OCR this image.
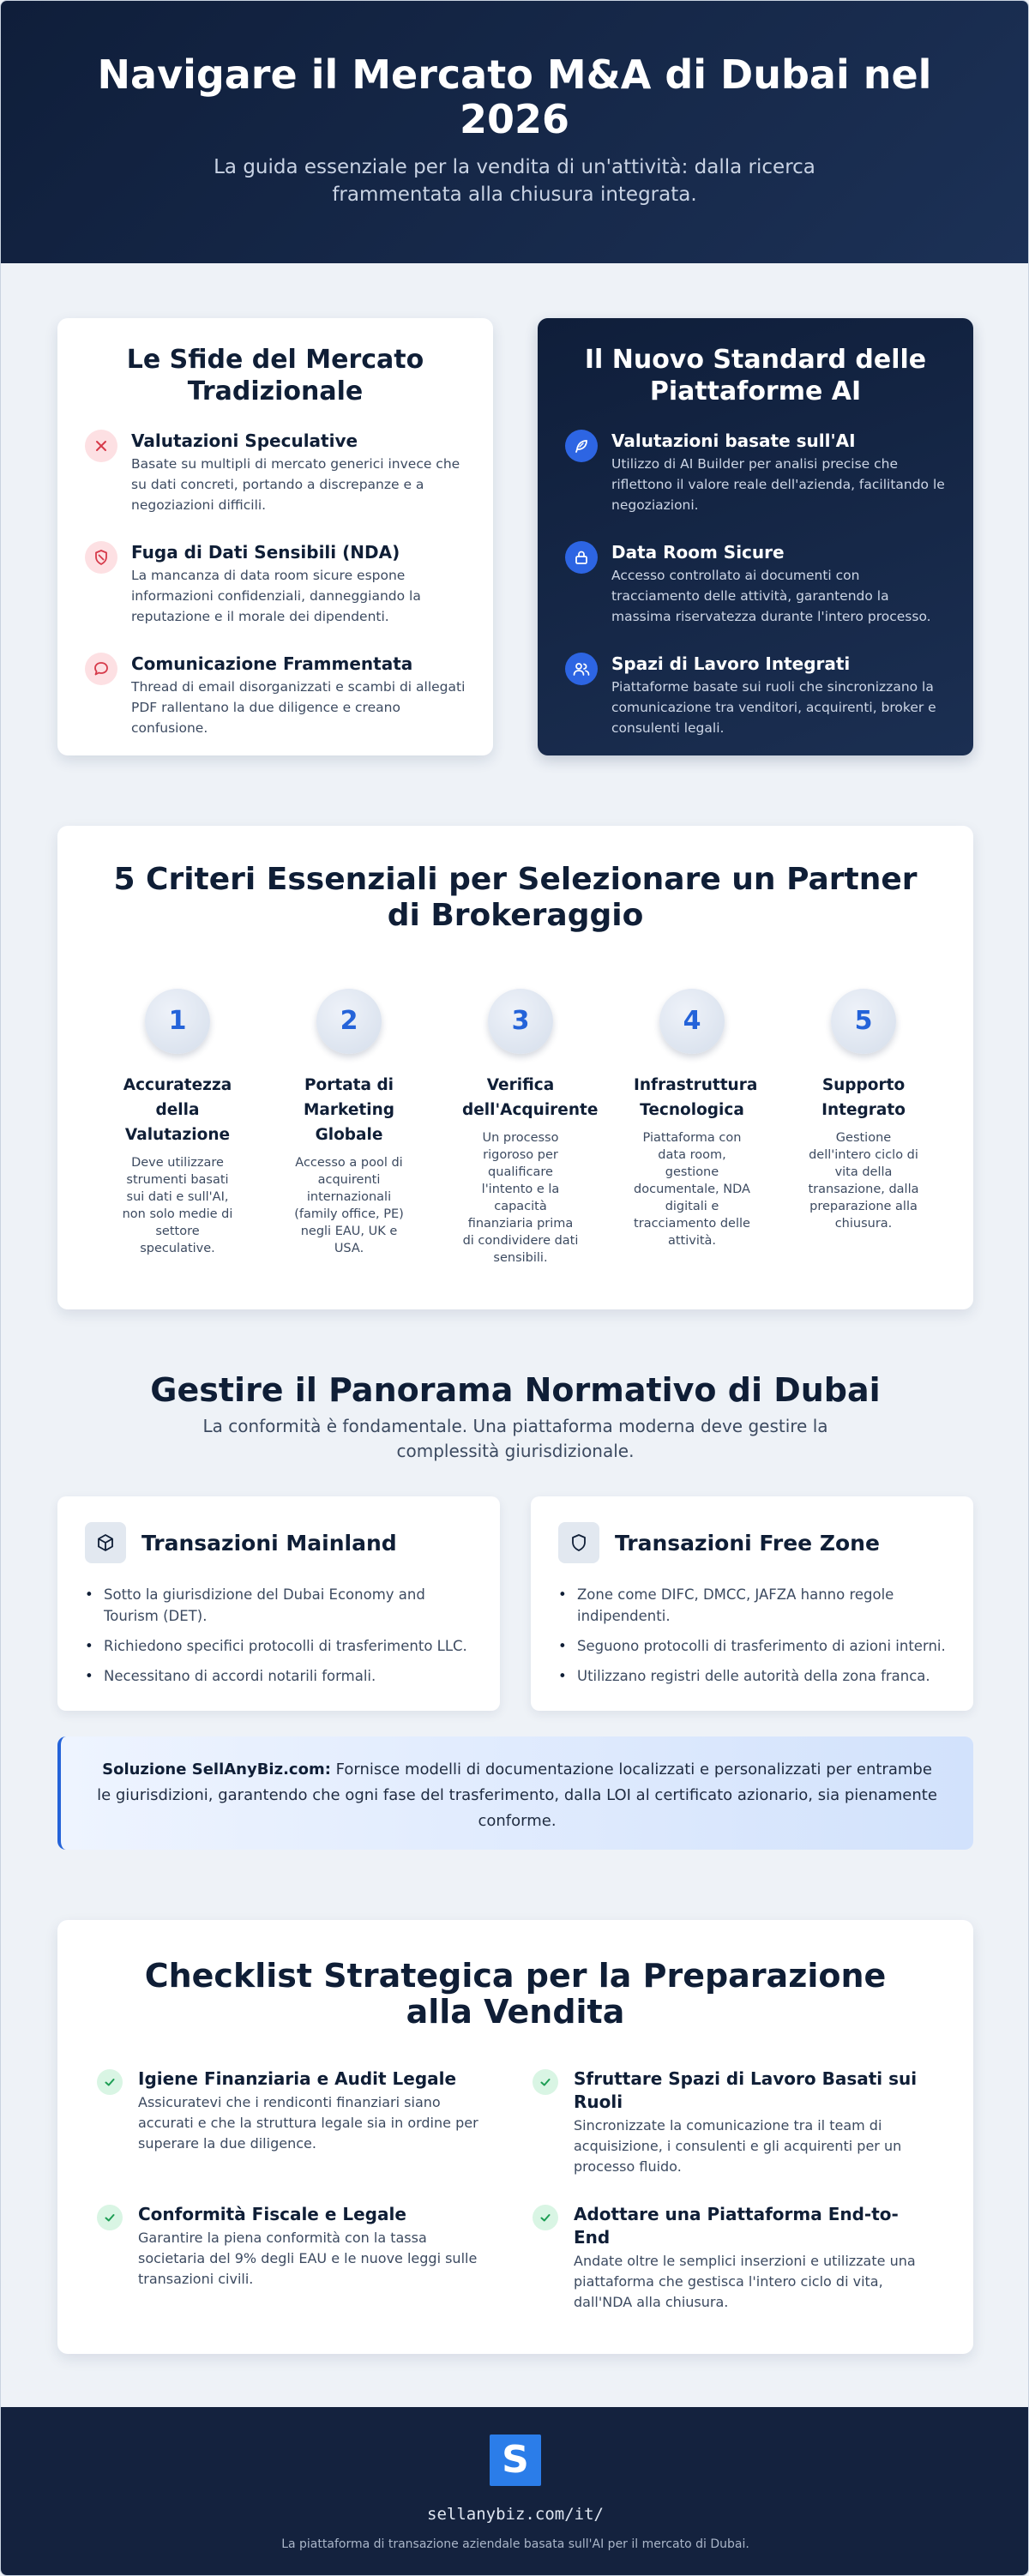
Navigare il Mercato M&A di Dubai nel 2026

La guida essenziale per la vendita di un'attività: dalla ricerca frammentata alla chiusura integrata.

Le Sfide del Mercato Tradizionale
Valutazioni Speculative

Basate su multipli di mercato generici invece che su dati concreti, portando a discrepanze e a negoziazioni difficili.

Fuga di Dati Sensibili (NDA)

La mancanza di data room sicure espone informazioni confidenziali, danneggiando la reputazione e il morale dei dipendenti.

Comunicazione Frammentata

Thread di email disorganizzati e scambi di allegati PDF rallentano la due diligence e creano confusione.

Il Nuovo Standard delle Piattaforme AI
Valutazioni basate sull'AI

Utilizzo di AI Builder per analisi precise che riflettono il valore reale dell'azienda, facilitando le negoziazioni.

Data Room Sicure

Accesso controllato ai documenti con tracciamento delle attività, garantendo la massima riservatezza durante l'intero processo.

Spazi di Lavoro Integrati

Piattaforme basate sui ruoli che sincronizzano la comunicazione tra venditori, acquirenti, broker e consulenti legali.

5 Criteri Essenziali per Selezionare un Partner di Brokeraggio
1
Accuratezza della Valutazione

Deve utilizzare strumenti basati sui dati e sull'AI, non solo medie di settore speculative.

2
Portata di Marketing Globale

Accesso a pool di acquirenti internazionali (family office, PE) negli EAU, UK e USA.

3
Verifica dell'Acquirente

Un processo rigoroso per qualificare l'intento e la capacità finanziaria prima di condividere dati sensibili.

4
Infrastruttura Tecnologica

Piattaforma con data room, gestione documentale, NDA digitali e tracciamento delle attività.

5
Supporto Integrato

Gestione dell'intero ciclo di vita della transazione, dalla preparazione alla chiusura.

Gestire il Panorama Normativo di Dubai

La conformità è fondamentale. Una piattaforma moderna deve gestire la complessità giurisdizionale.

Transazioni Mainland
• Sotto la giurisdizione del Dubai Economy and Tourism (DET).
• Richiedono specifici protocolli di trasferimento LLC.
• Necessitano di accordi notarili formali.
Transazioni Free Zone
• Zone come DIFC, DMCC, JAFZA hanno regole indipendenti.
• Seguono protocolli di trasferimento di azioni interni.
• Utilizzano registri delle autorità della zona franca.
Soluzione SellAnyBiz.com: Fornisce modelli di documentazione localizzati e personalizzati per entrambe le giurisdizioni, garantendo che ogni fase del trasferimento, dalla LOI al certificato azionario, sia pienamente conforme.
Checklist Strategica per la Preparazione alla Vendita
Igiene Finanziaria e Audit Legale

Assicuratevi che i rendiconti finanziari siano accurati e che la struttura legale sia in ordine per superare la due diligence.

Sfruttare Spazi di Lavoro Basati sui Ruoli

Sincronizzate la comunicazione tra il team di acquisizione, i consulenti e gli acquirenti per un processo fluido.

Conformità Fiscale e Legale

Garantire la piena conformità con la tassa societaria del 9% degli EAU e le nuove leggi sulle transazioni civili.

Adottare una Piattaforma End-to-End

Andate oltre le semplici inserzioni e utilizzate una piattaforma che gestisca l'intero ciclo di vita, dall'NDA alla chiusura.

S
sellanybiz.com/it/
La piattaforma di transazione aziendale basata sull'AI per il mercato di Dubai.
